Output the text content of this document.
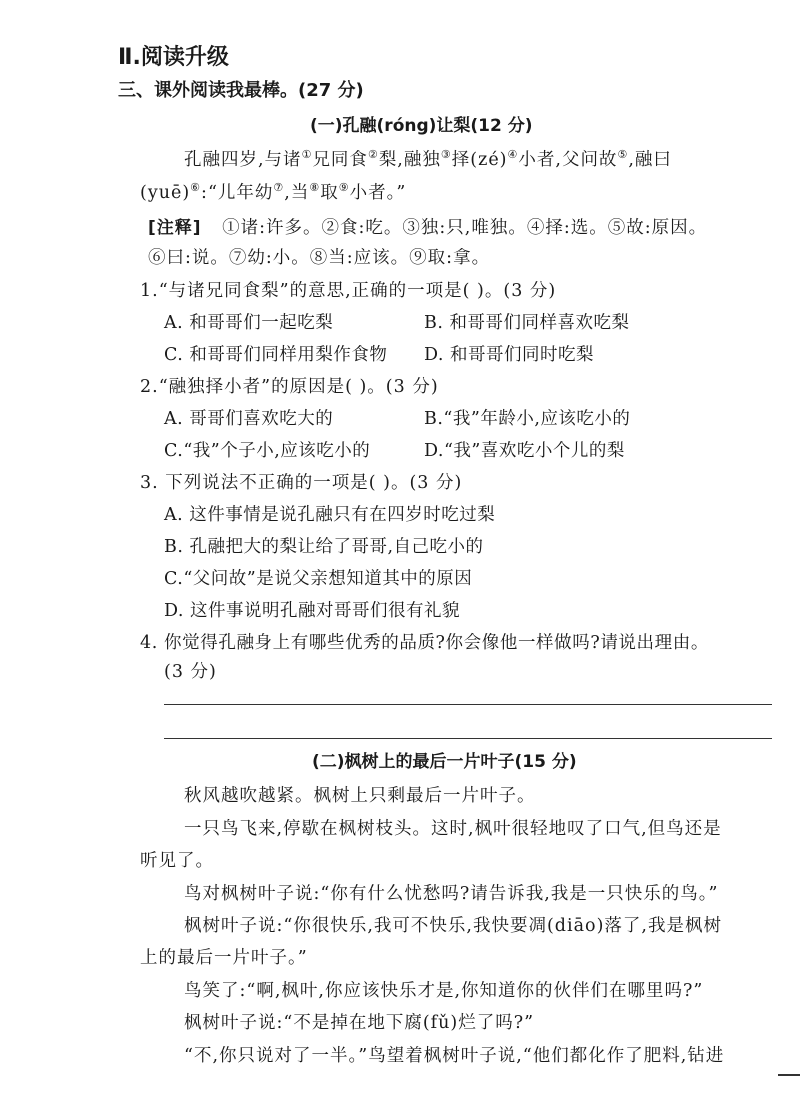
Ⅱ.阅读升级
三、课外阅读我最棒。(27 分)
(一)孔融(róng)让梨(12 分)
孔融四岁,与诸①兄同食②梨,融独③择(zé)④小者,父问故⑤,融曰
(yuē)⑥:“儿年幼⑦,当⑧取⑨小者。”
[注释] ①诸:许多。②食:吃。③独:只,唯独。④择:选。⑤故:原因。
⑥曰:说。⑦幼:小。⑧当:应该。⑨取:拿。
1.“与诸兄同食梨”的意思,正确的一项是( )。(3 分)
A. 和哥哥们一起吃梨	B. 和哥哥们同样喜欢吃梨
C. 和哥哥们同样用梨作食物 D. 和哥哥们同时吃梨
2.“融独择小者”的原因是( )。(3 分)
A. 哥哥们喜欢吃大的	B.“我”年龄小,应该吃小的
C.“我”个子小,应该吃小的	D.“我”喜欢吃小个儿的梨
3. 下列说法不正确的一项是( )。(3 分)
A. 这件事情是说孔融只有在四岁时吃过梨
B. 孔融把大的梨让给了哥哥,自己吃小的
C.“父问故”是说父亲想知道其中的原因
D. 这件事说明孔融对哥哥们很有礼貌
4. 你觉得孔融身上有哪些优秀的品质?你会像他一样做吗?请说出理由。
(3 分)
(二)枫树上的最后一片叶子(15 分)
秋风越吹越紧。枫树上只剩最后一片叶子。
一只鸟飞来,停歇在枫树枝头。这时,枫叶很轻地叹了口气,但鸟还是
听见了。
鸟对枫树叶子说:“你有什么忧愁吗?请告诉我,我是一只快乐的鸟。”
枫树叶子说:“你很快乐,我可不快乐,我快要凋(diāo)落了,我是枫树
上的最后一片叶子。”
鸟笑了:“啊,枫叶,你应该快乐才是,你知道你的伙伴们在哪里吗?”
枫树叶子说:“不是掉在地下腐(fǔ)烂了吗?”
“不,你只说对了一半。”鸟望着枫树叶子说,“他们都化作了肥料,钻进
